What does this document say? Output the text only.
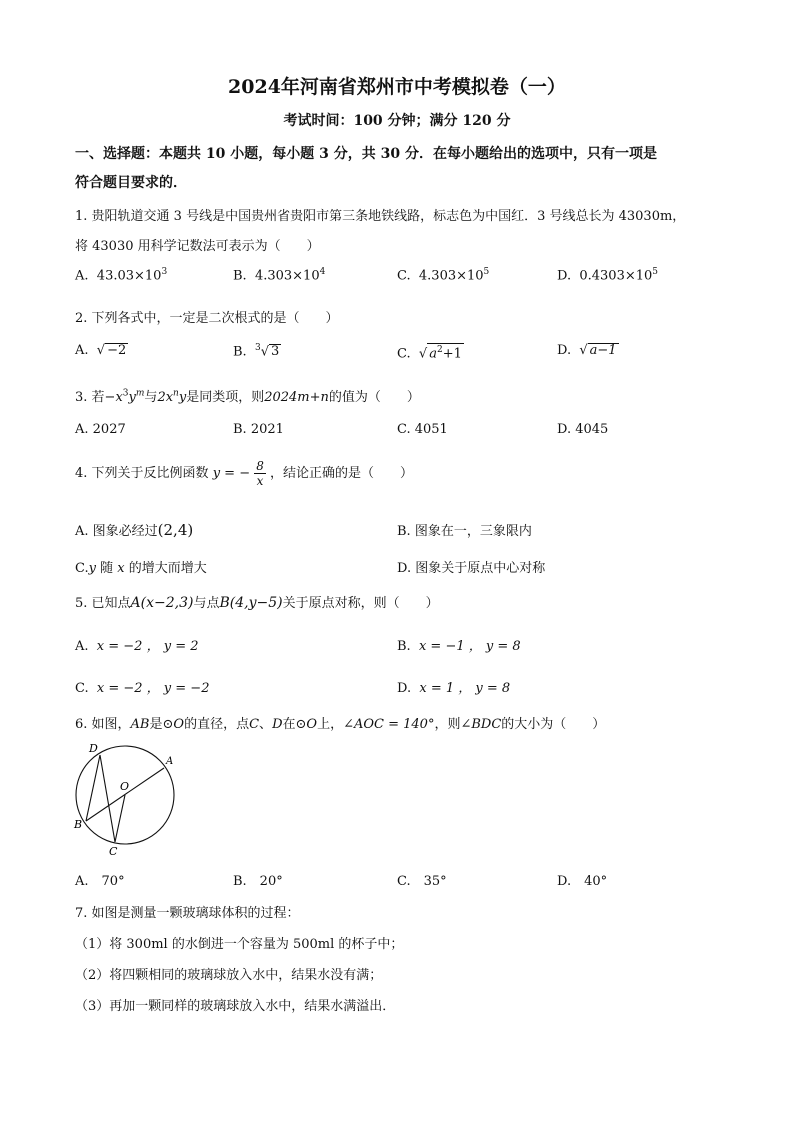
2024年河南省郑州市中考模拟卷（一）
考试时间：100 分钟；满分 120 分
一、选择题：本题共 10 小题，每小题 3 分，共 30 分．在每小题给出的选项中，只有一项是
符合题目要求的．
1. 贵阳轨道交通 3 号线是中国贵州省贵阳市第三条地铁线路，标志色为中国红．3 号线总长为 43030m，
将 43030 用科学记数法可表示为（　　）
A. $43.03\times 10^3$	B. $4.303\times 10^4$	C. $4.303\times 10^5$	D. $0.4303\times 10^5$
2. 下列各式中，一定是二次根式的是（　　）
A.  √ −2	B. $^3$√ 3	C.  √ $a^2+1$	D.  √ a−1
3. 若$-x^3y^m$与$2x^ny$是同类项，则2024m+n的值为（　　）
A. 2027	B. 2021	C. 4051	D. 4045
4. 下列关于反比例函数 y = − $\frac{8}{x}$ ，结论正确的是（　　）
A. 图象必经过(2,4)	B. 图象在一，三象限内
C.y 随 x 的增大而增大	D. 图象关于原点中心对称
5. 已知点A(x−2,3)与点B(4,y−5)关于原点对称，则（　　）
A. x = −2 ， y = 2	B. x = −1 ， y = 8
C. x = −2 ， y = −2	D. x = 1 ， y = 8
6. 如图，AB是⊙O的直径，点C、D在⊙O上，∠AOC = 140°，则∠BDC的大小为（　　）
D
A
O
B
C
A.　70°	B.　20°	C.　35°	D.　40°
7. 如图是测量一颗玻璃球体积的过程：
（1）将 300ml 的水倒进一个容量为 500ml 的杯子中；
（2）将四颗相同的玻璃球放入水中，结果水没有满；
（3）再加一颗同样的玻璃球放入水中，结果水满溢出．
